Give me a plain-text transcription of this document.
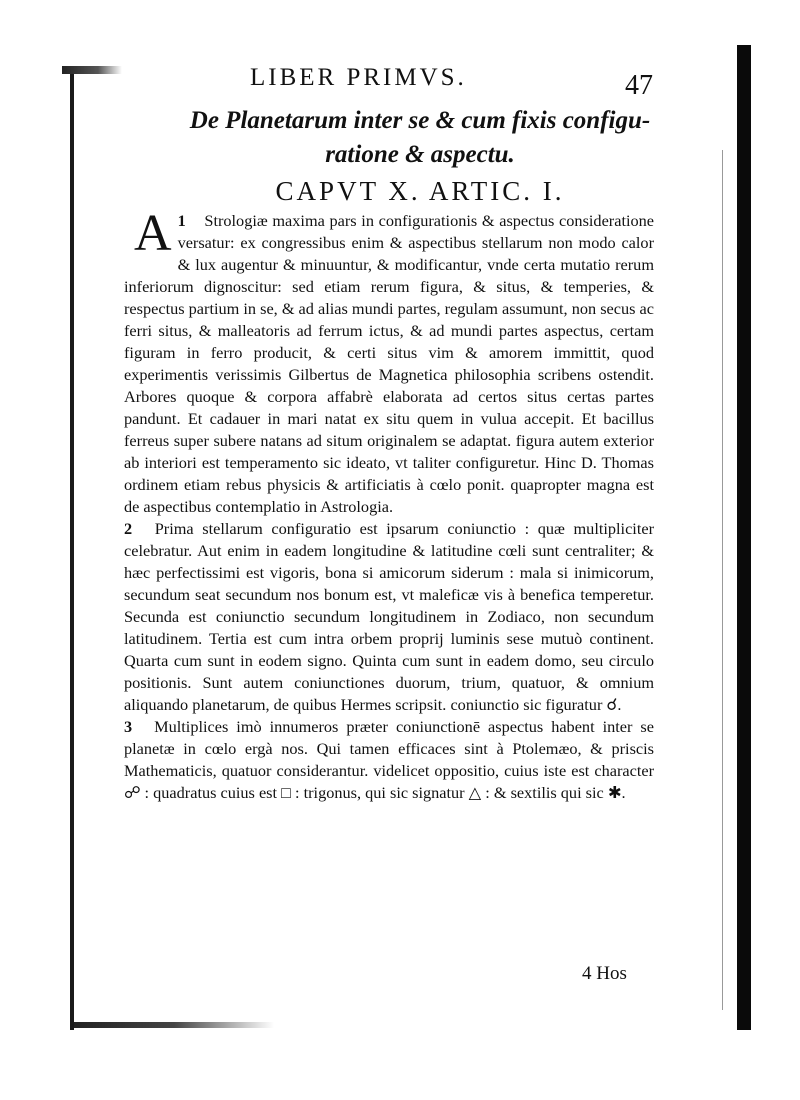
LIBER PRIMVS.	47
De Planetarum inter se & cum fixis configu-
ratione & aspectu.
CAPVT X. ARTIC. I.

1
A Strologiæ maxima pars in configurationis & aspectus consideratione versatur: ex congressibus enim & aspectibus stellarum non modo calor & lux augentur & minuuntur, & modificantur, vnde certa mutatio rerum inferiorum dignoscitur: sed etiam rerum figura, & situs, & temperies, & respectus partium in se, & ad alias mundi partes, regulam assumunt, non secus ac ferri situs, & malleatoris ad ferrum ictus, & ad mundi partes aspectus, certam figuram in ferro producit, & certi situs vim & amorem immittit, quod experimentis verissimis Gilbertus de Magnetica philosophia scribens ostendit. Arbores quoque & corpora affabrè elaborata ad certos situs certas partes pandunt. Et cadauer in mari natat ex situ quem in vulua accepit. Et bacillus ferreus super subere natans ad situm originalem se adaptat. figura autem exterior ab interiori est temperamento sic ideato, vt taliter configuretur. Hinc D. Thomas ordinem etiam rebus physicis & artificiatis à cœlo ponit. quapropter magna est de aspectibus contemplatio in Astrologia.

2 Prima stellarum configuratio est ipsarum coniunctio : quæ multipliciter celebratur. Aut enim in eadem longitudine & latitudine cœli sunt centraliter; & hæc perfectissimi est vigoris, bona si amicorum siderum : mala si inimicorum, secundum seat secundum nos bonum est, vt maleficæ vis à benefica temperetur. Secunda est coniunctio secundum longitudinem in Zodiaco, non secundum latitudinem. Tertia est cum intra orbem proprij luminis sese mutuò continent. Quarta cum sunt in eodem signo. Quinta cum sunt in eadem domo, seu circulo positionis. Sunt autem coniunctiones duorum, trium, quatuor, & omnium aliquando planetarum, de quibus Hermes scripsit. coniunctio sic figuratur ☌.

3 Multiplices imò innumeros præter coniunctionē aspectus habent inter se planetæ in cœlo ergà nos. Qui tamen efficaces sint à Ptolemæo, & priscis Mathematicis, quatuor considerantur. videlicet oppositio, cuius iste est character ☍ : quadratus cuius est □ : trigonus, qui sic signatur △ : & sextilis qui sic ✱.

4 Hos
